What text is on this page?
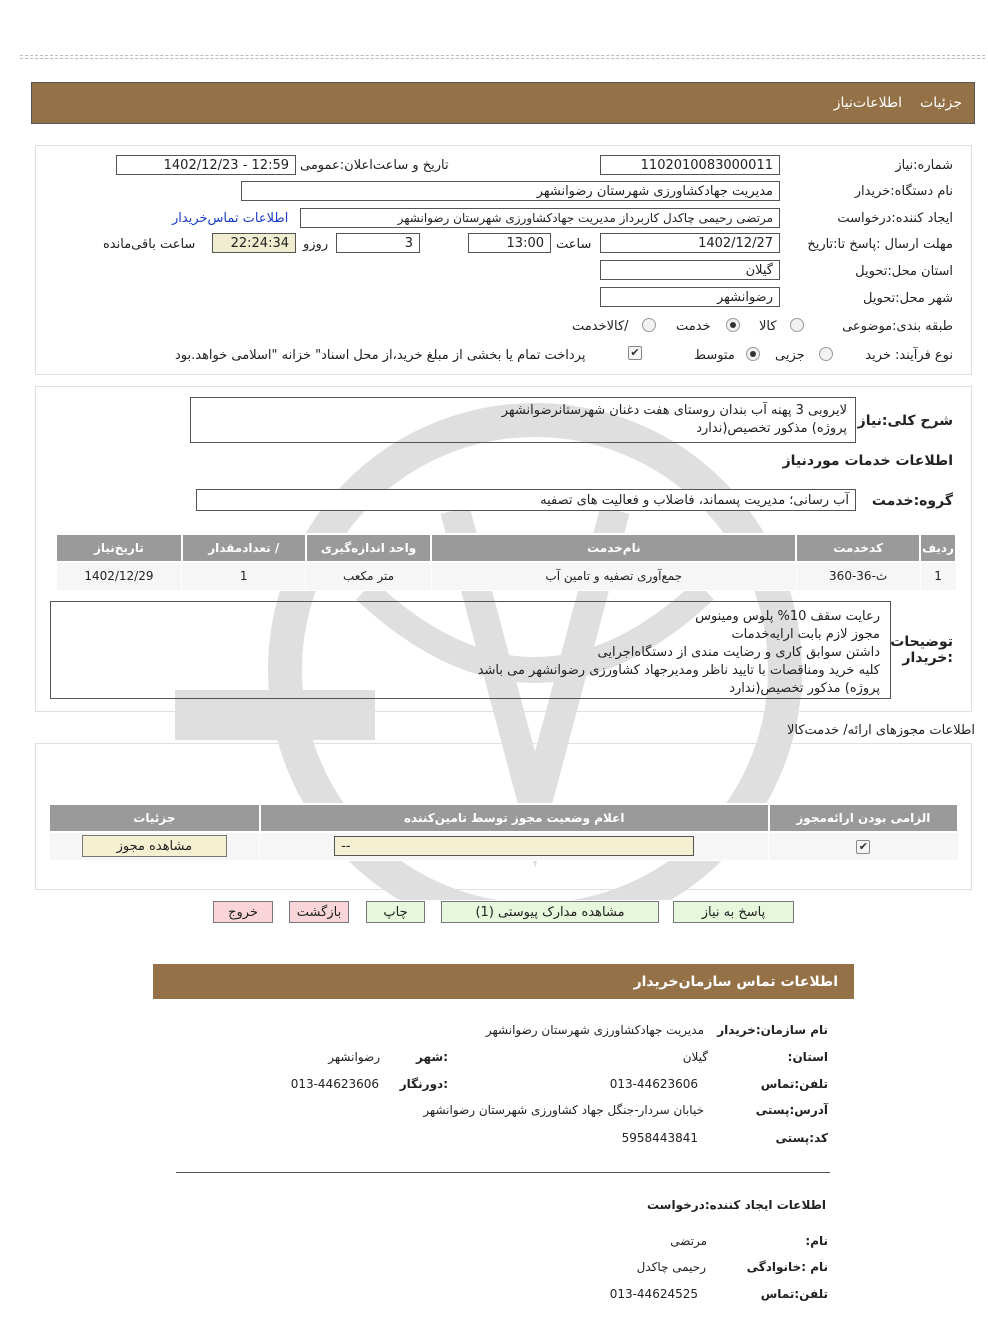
جزئیات
اطلاعات‌نیاز
شماره:نیاز
1102010083000011
تاریخ و ساعت‌اعلان:عمومی
1402/12/23 - 12:59
نام دستگاه:خریدار
مدیریت جهادکشاورزی شهرستان رضوانشهر
ایجاد کننده:درخواست
مرتضی رحیمی چاکدل کاربرداز مدیریت جهادکشاورزی شهرستان رضوانشهر
اطلاعات تماس‌خریدار
مهلت ارسال :پاسخ تا:تاریخ
1402/12/27
ساعت
13:00
3
روزو
22:24:34
ساعت باقی‌مانده
استان محل:تحویل
گیلان
شهر محل:تحویل
رضوانشهر
طبقه بندی:موضوعی
کالا
خدمت
/کالاخدمت
نوع فرآیند: خرید
جزیی
متوسط
✔
پرداخت تمام یا بخشی از مبلغ خرید،از محل اسناد" خزانه "اسلامی خواهد.بود
شرح کلی:نیاز
لایروبی 3 پهنه آب بندان روستای هفت دغنان شهرستانرضوانشهر
پروژه) مذکور تخصیص(ندارد
اطلاعات خدمات موردنیاز
گروه:خدمت
آب رسانی؛ مدیریت پسماند، فاضلاب و فعالیت های تصفیه
ردیف	کدخدمت	نام‌خدمت	واحد اندازه‌گیری	/ تعدادمقدار	تاریخ‌نیاز
1	ث-36-360	جمع‌آوری تصفیه و تامین آب	متر مکعب	1	1402/12/29
توضیحات :خریدار
رعایت سقف 10% پلوس ومینوس
مجوز لازم بابت ارایه‌خدمات
داشتن سوابق کاری و رضایت مندی از دستگاه‌اجرایی
کلیه خرید ومناقصات با تایید ناظر ومدیرجهاد کشاورزی رضوانشهر می باشد
پروژه) مذکور تخصیص(ندارد
اطلاعات مجوزهای ارائه/ خدمت‌کالا
الزامی بودن ارائه‌مجوز	اعلام وضعیت مجوز توسط تامین‌کننده	جزئیات
✔	--	مشاهده مجوز
پاسخ به نیاز
مشاهده مدارک پیوستی (1)
چاپ
بازگشت
خروج
اطلاعات تماس سازمان‌خریدار
نام سازمان:خریدار
مدیریت جهادکشاورزی شهرستان رضوانشهر
استان:
گیلان
:شهر
رضوانشهر
تلفن:تماس
013-44623606
:دورنگار
013-44623606
آدرس:پستی
خیابان سردار-جنگل جهاد کشاورزی شهرستان رضوانشهر
کد:پستی
5958443841
اطلاعات ایجاد کننده:درخواست
نام:
مرتضی
نام :خانوادگی
رحیمی چاکدل
تلفن:تماس
013-44624525
